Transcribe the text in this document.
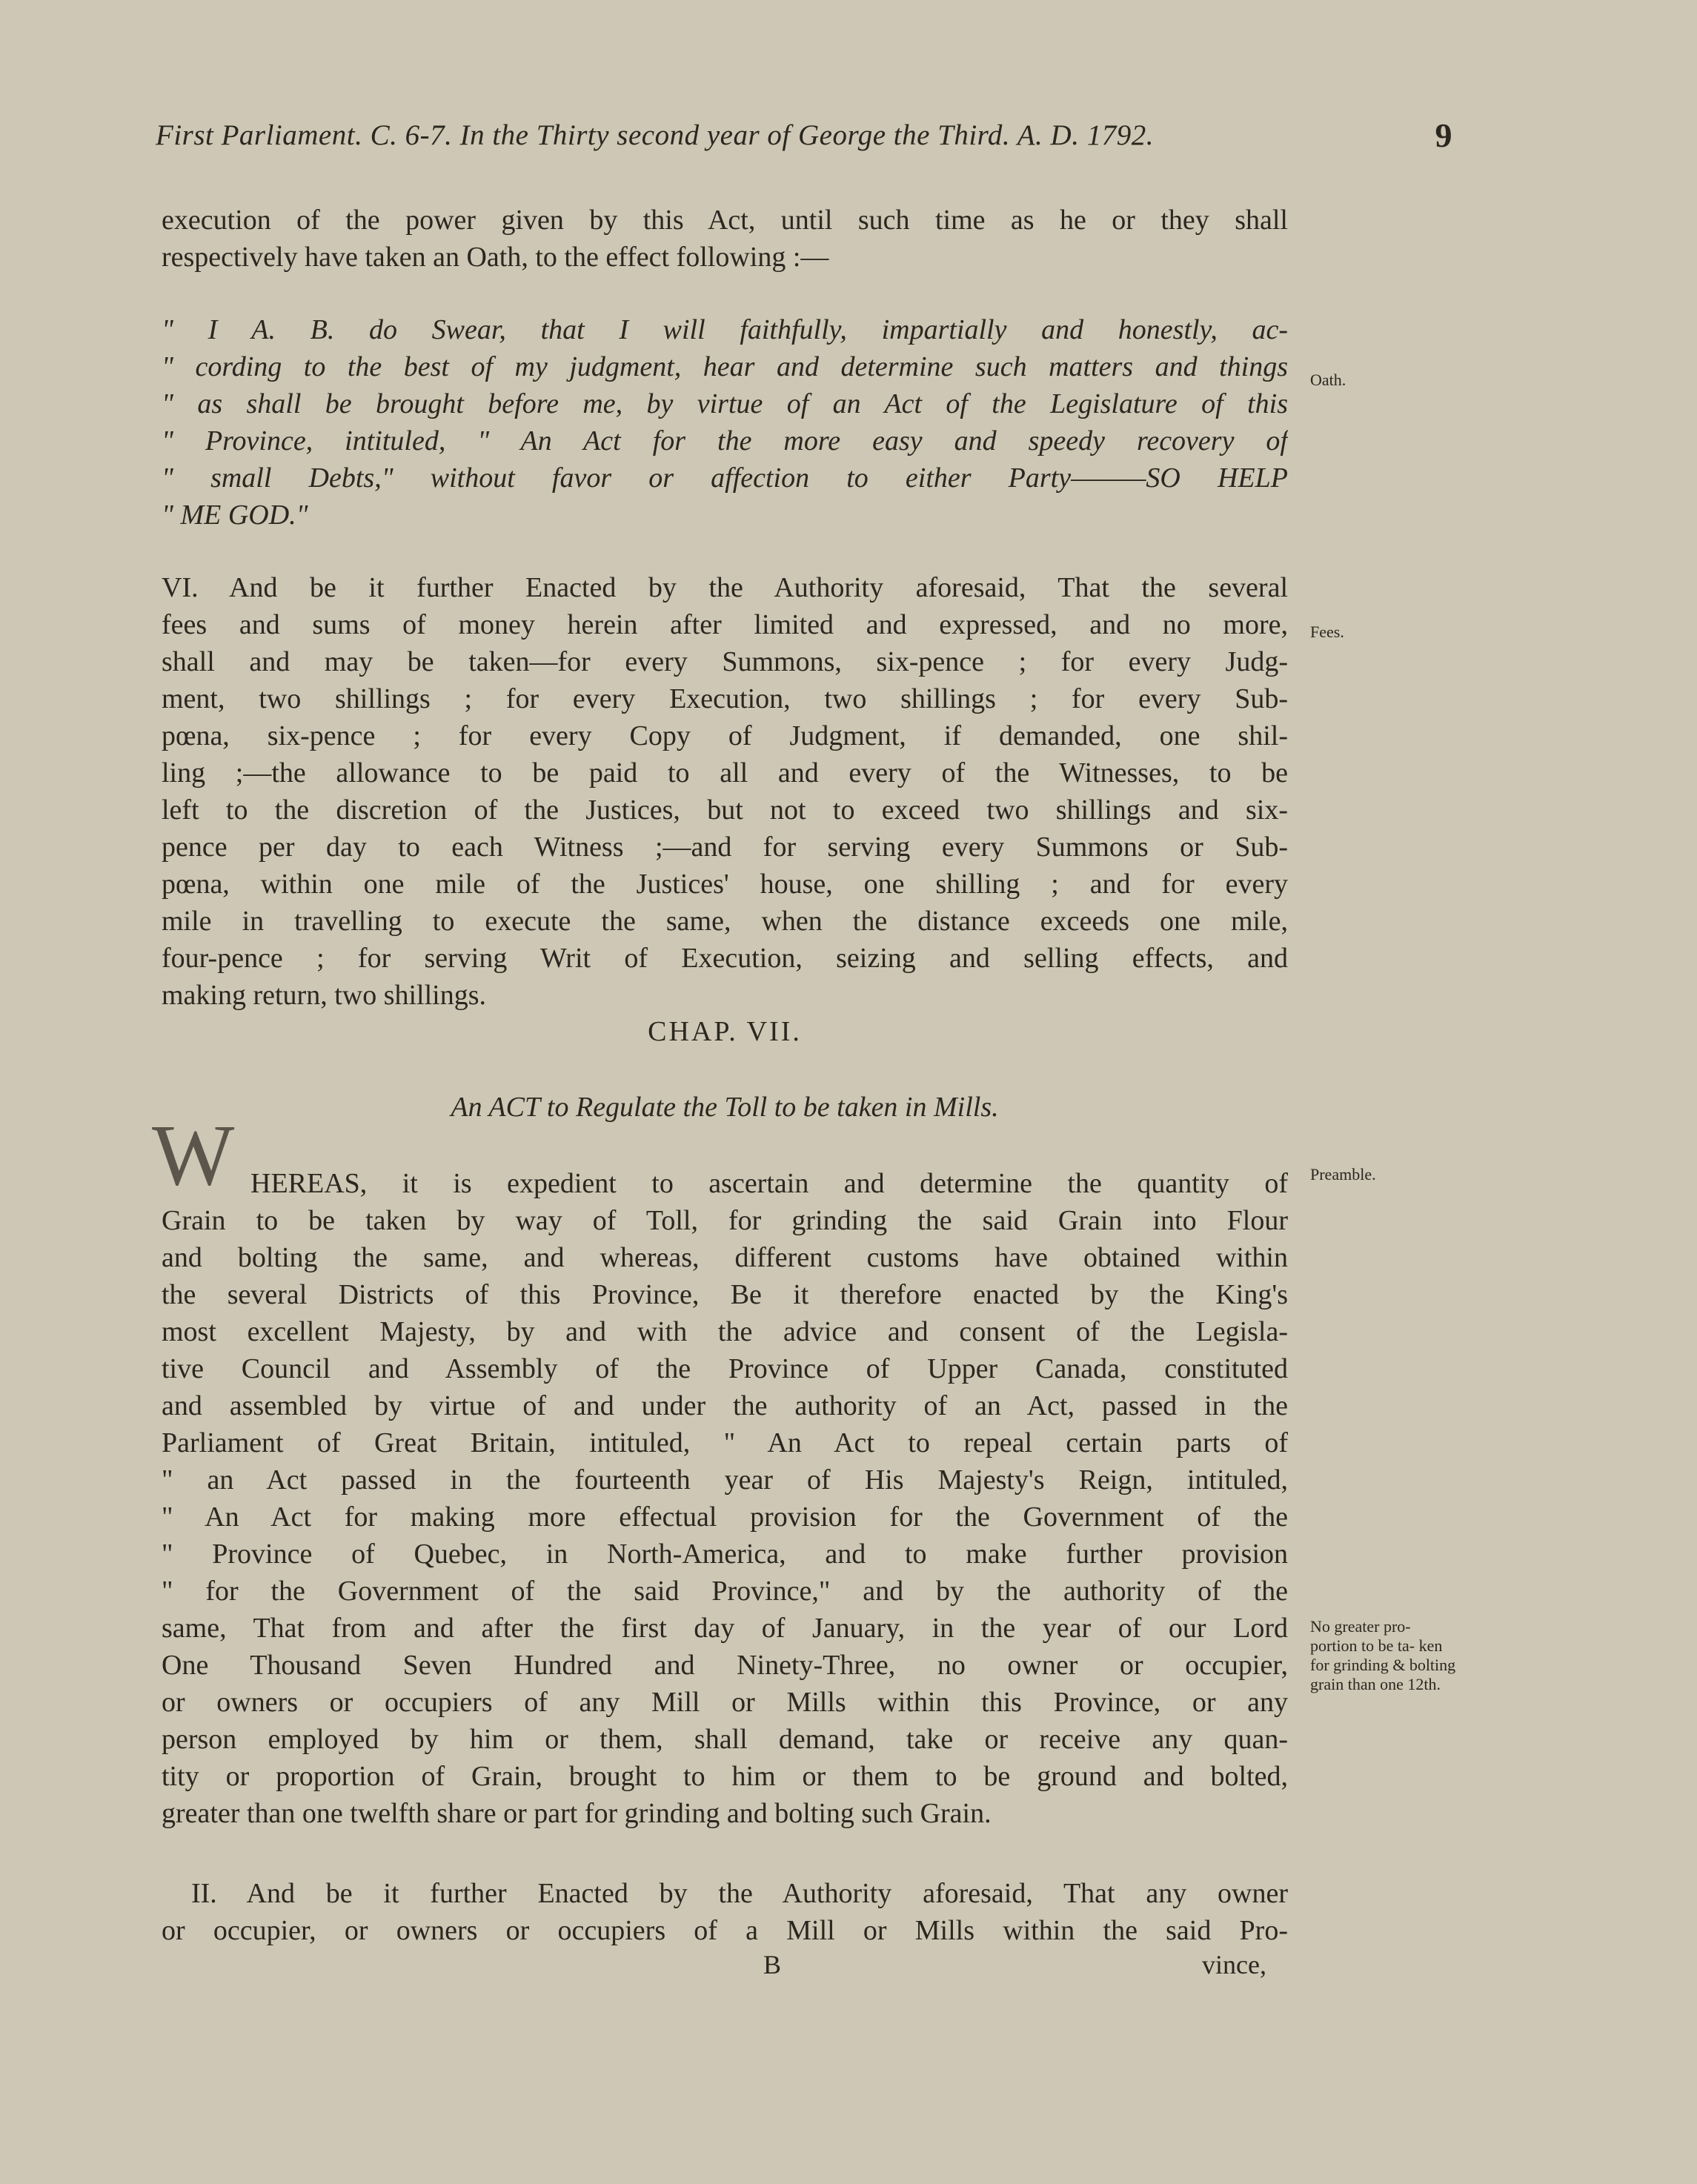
First Parliament. C. 6-7. In the Thirty second year of George the Third. A. D. 1792.	9
execution of the power given by this Act, until such time as he or they shall
respectively have taken an Oath, to the effect following :—
" I A. B. do Swear, that I will faithfully, impartially and honestly, ac-
" cording to the best of my judgment, hear and determine such matters and things
" as shall be brought before me, by virtue of an Act of the Legislature of this
" Province, intituled, " An Act for the more easy and speedy recovery of
" small Debts," without favor or affection to either Party———SO HELP
" ME GOD."
VI. And be it further Enacted by the Authority aforesaid, That the several
fees and sums of money herein after limited and expressed, and no more,
shall and may be taken—for every Summons, six-pence ; for every Judg-
ment, two shillings ; for every Execution, two shillings ; for every Sub-
pœna, six-pence ; for every Copy of Judgment, if demanded, one shil-
ling ;—the allowance to be paid to all and every of the Witnesses, to be
left to the discretion of the Justices, but not to exceed two shillings and six-
pence per day to each Witness ;—and for serving every Summons or Sub-
pœna, within one mile of the Justices' house, one shilling ; and for every
mile in travelling to execute the same, when the distance exceeds one mile,
four-pence ; for serving Writ of Execution, seizing and selling effects, and
making return, two shillings.
CHAP. VII.
An ACT to Regulate the Toll to be taken in Mills.
W HEREAS, it is expedient to ascertain and determine the quantity of
Grain to be taken by way of Toll, for grinding the said Grain into Flour
and bolting the same, and whereas, different customs have obtained within
the several Districts of this Province, Be it therefore enacted by the King's
most excellent Majesty, by and with the advice and consent of the Legisla-
tive Council and Assembly of the Province of Upper Canada, constituted
and assembled by virtue of and under the authority of an Act, passed in the
Parliament of Great Britain, intituled, " An Act to repeal certain parts of
" an Act passed in the fourteenth year of His Majesty's Reign, intituled,
" An Act for making more effectual provision for the Government of the
" Province of Quebec, in North-America, and to make further provision
" for the Government of the said Province," and by the authority of the
same, That from and after the first day of January, in the year of our Lord
One Thousand Seven Hundred and Ninety-Three, no owner or occupier,
or owners or occupiers of any Mill or Mills within this Province, or any
person employed by him or them, shall demand, take or receive any quan-
tity or proportion of Grain, brought to him or them to be ground and bolted,
greater than one twelfth share or part for grinding and bolting such Grain.
II. And be it further Enacted by the Authority aforesaid, That any owner
or occupier, or owners or occupiers of a Mill or Mills within the said Pro-
B	vince,
Oath.
Fees.
Preamble.
No greater pro- portion to be ta- ken for grinding & bolting grain than one 12th.
